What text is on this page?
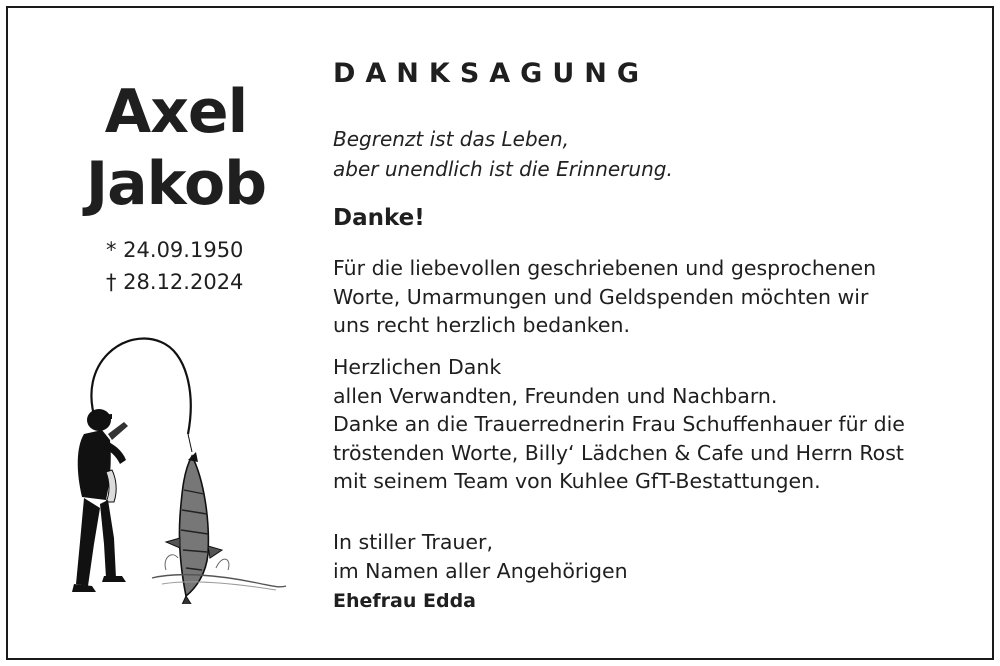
Axel
Jakob
* 24.09.1950
† 28.12.2024
DANKSAGUNG
Begrenzt ist das Leben,
aber unendlich ist die Erinnerung.
Danke!
Für die liebevollen geschriebenen und gesprochenen
Worte, Umarmungen und Geldspenden möchten wir
uns recht herzlich bedanken.
Herzlichen Dank
allen Verwandten, Freunden und Nachbarn.
Danke an die Trauerrednerin Frau Schuffenhauer für die
tröstenden Worte, Billy‘ Lädchen & Cafe und Herrn Rost
mit seinem Team von Kuhlee GfT-Bestattungen.
In stiller Trauer,
im Namen aller Angehörigen
Ehefrau Edda
